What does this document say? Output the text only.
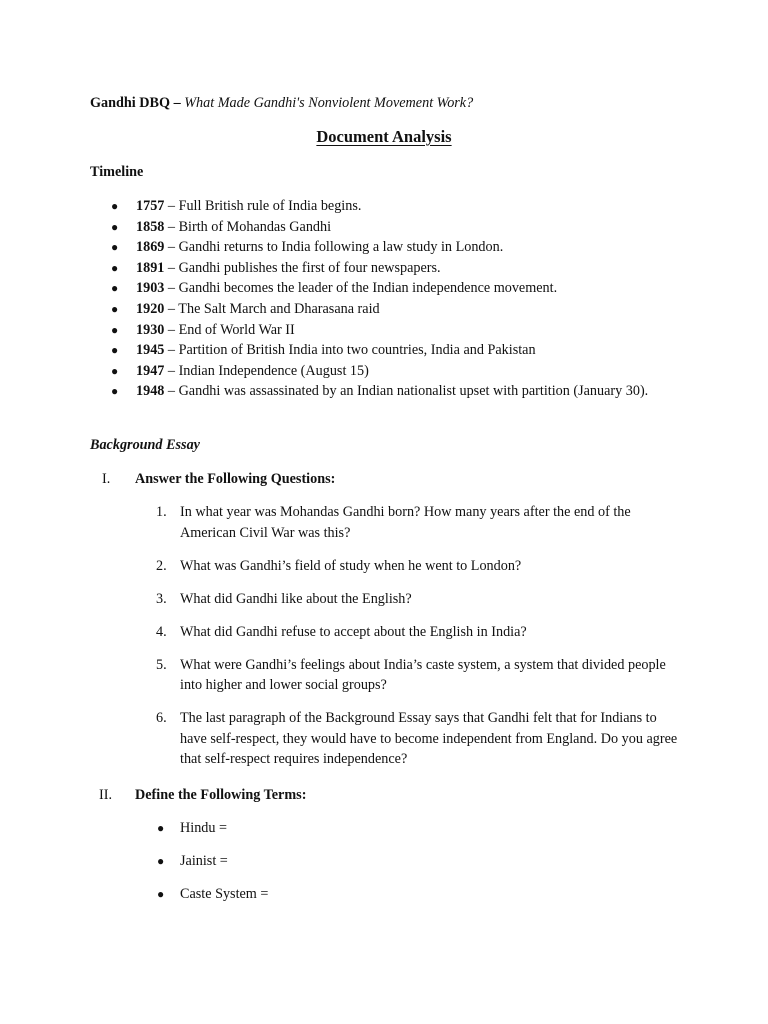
Gandhi DBQ – What Made Gandhi's Nonviolent Movement Work?
Document Analysis
Timeline
● 1757 – Full British rule of India begins.
● 1858 – Birth of Mohandas Gandhi
● 1869 – Gandhi returns to India following a law study in London.
● 1891 – Gandhi publishes the first of four newspapers.
● 1903 – Gandhi becomes the leader of the Indian independence movement.
● 1920 – The Salt March and Dharasana raid
● 1930 – End of World War II
● 1945 – Partition of British India into two countries, India and Pakistan
● 1947 – Indian Independence (August 15)
● 1948 – Gandhi was assassinated by an Indian nationalist upset with partition (January 30).
Background Essay
I. Answer the Following Questions:
1. In what year was Mohandas Gandhi born? How many years after the end of the American Civil War was this?
2. What was Gandhi’s field of study when he went to London?
3. What did Gandhi like about the English?
4. What did Gandhi refuse to accept about the English in India?
5. What were Gandhi’s feelings about India’s caste system, a system that divided people into higher and lower social groups?
6. The last paragraph of the Background Essay says that Gandhi felt that for Indians to have self-respect, they would have to become independent from England. Do you agree that self-respect requires independence?
II. Define the Following Terms:
● Hindu =
● Jainist =
● Caste System =
